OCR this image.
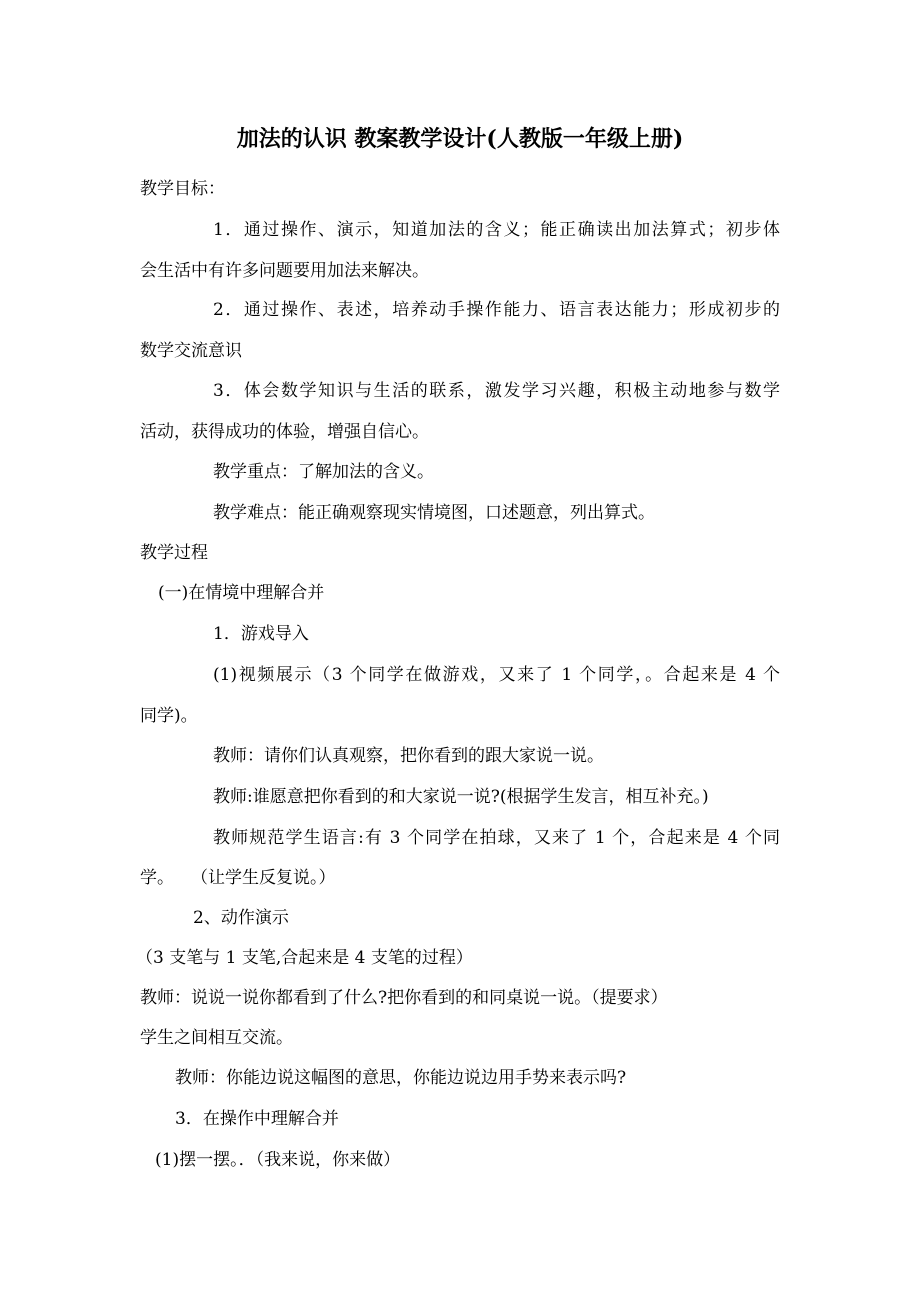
加法的认识 教案教学设计(人教版一年级上册)
教学目标：
1．通过操作、演示，知道加法的含义；能正确读出加法算式；初步体
会生活中有许多问题要用加法来解决。
2．通过操作、表述，培养动手操作能力、语言表达能力；形成初步的
数学交流意识
3．体会数学知识与生活的联系，激发学习兴趣，积极主动地参与数学
活动，获得成功的体验，增强自信心。
教学重点：了解加法的含义。
教学难点：能正确观察现实情境图，口述题意，列出算式。
教学过程
(一)在情境中理解合并
1．游戏导入
(1)视频展示（3 个同学在做游戏，又来了 1 个同学，。合起来是 4 个
同学)。
教师：请你们认真观察，把你看到的跟大家说一说。
教师:谁愿意把你看到的和大家说一说?(根据学生发言，相互补充。)
教师规范学生语言:有 3 个同学在拍球，又来了 1 个，合起来是 4 个同
学。　　（让学生反复说。）
2、动作演示
（3 支笔与 1 支笔,合起来是 4 支笔的过程）
教师：说说一说你都看到了什么?把你看到的和同桌说一说。（提要求）
学生之间相互交流。
教师：你能边说这幅图的意思，你能边说边用手势来表示吗?
3．在操作中理解合并
(1)摆一摆。．（我来说，你来做）
